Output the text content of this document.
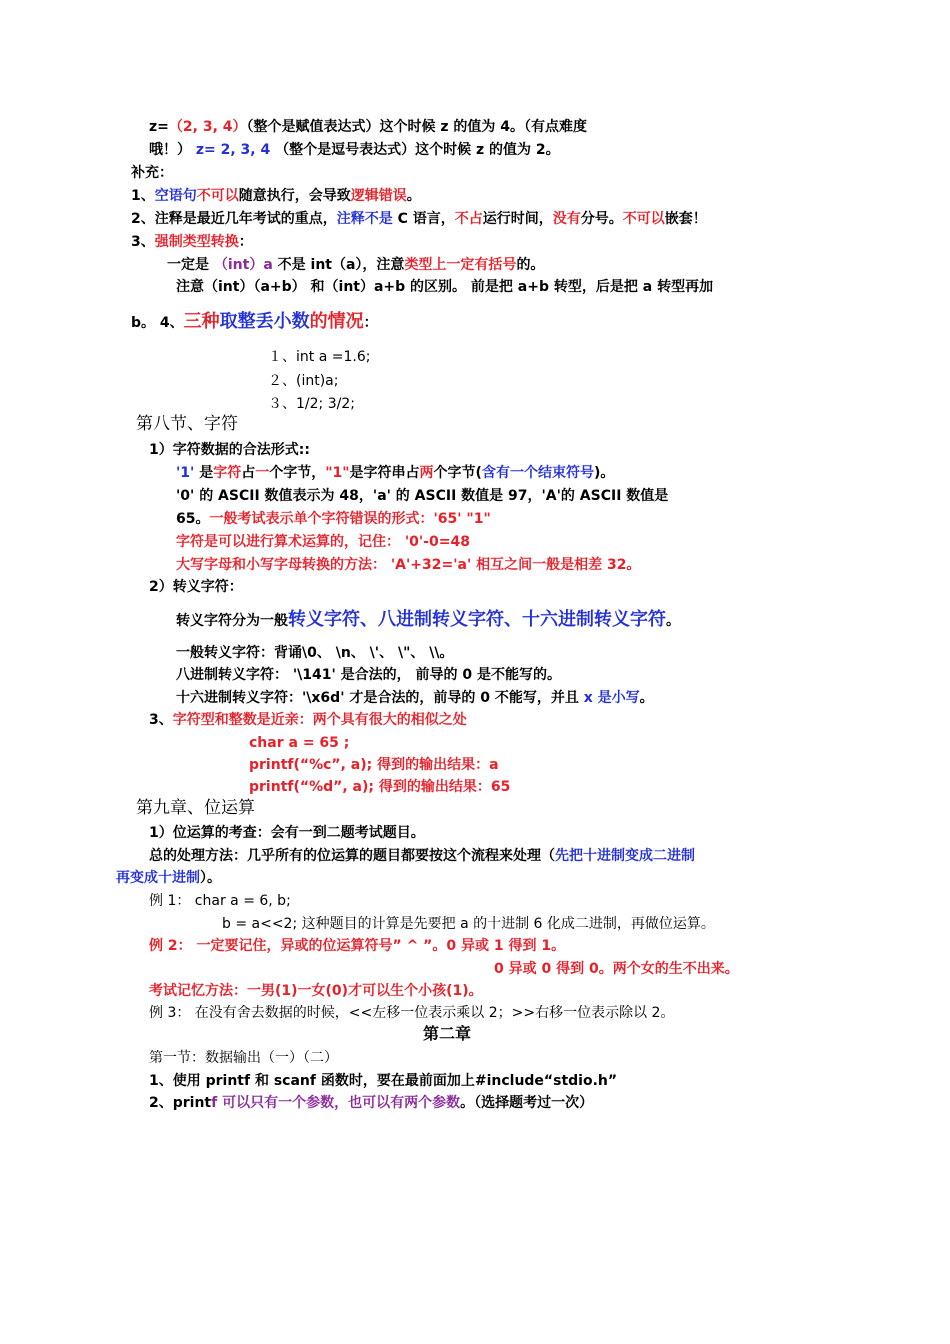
z=（2, 3, 4）（整个是赋值表达式）这个时候 z 的值为 4。（有点难度
哦！） z= 2, 3, 4 （整个是逗号表达式）这个时候 z 的值为 2。
补充：
1、空语句不可以随意执行，会导致逻辑错误。
2、注释是最近几年考试的重点，注释不是 C 语言，不占运行时间，没有分号。不可以嵌套！
3、强制类型转换：
一定是 （int）a 不是 int（a），注意类型上一定有括号的。
注意（int）（a+b） 和（int）a+b 的区别。 前是把 a+b 转型，后是把 a 转型再加
b。 4、三种取整丢小数的情况：
１、int a =1.6;
２、(int)a;
３、1/2; 3/2;
第八节、字符
1）字符数据的合法形式::
'1' 是字符占一个字节，"1"是字符串占两个字节(含有一个结束符号)。
'0' 的 ASCII 数值表示为 48，'a' 的 ASCII 数值是 97，'A'的 ASCII 数值是
65。一般考试表示单个字符错误的形式：'65' "1"
字符是可以进行算术运算的，记住： '0'-0=48
大写字母和小写字母转换的方法： 'A'+32='a' 相互之间一般是相差 32。
2）转义字符：
转义字符分为一般转义字符、八进制转义字符、十六进制转义字符。
一般转义字符：背诵\0、 \n、 \'、 \"、 \\。
八进制转义字符： '\141' 是合法的， 前导的 0 是不能写的。
十六进制转义字符：'\x6d' 才是合法的，前导的 0 不能写，并且 x 是小写。
3、字符型和整数是近亲：两个具有很大的相似之处
char a = 65 ;
printf(“%c”, a); 得到的输出结果：a
printf(“%d”, a); 得到的输出结果：65
第九章、位运算
1）位运算的考查：会有一到二题考试题目。
总的处理方法：几乎所有的位运算的题目都要按这个流程来处理（先把十进制变成二进制
再变成十进制）。
例 1： char a = 6, b;
b = a<<2; 这种题目的计算是先要把 a 的十进制 6 化成二进制，再做位运算。
例 2： 一定要记住，异或的位运算符号” ^ ”。0 异或 1 得到 1。
0 异或 0 得到 0。两个女的生不出来。
考试记忆方法：一男(1)一女(0)才可以生个小孩(1)。
例 3： 在没有舍去数据的时候，<<左移一位表示乘以 2；>>右移一位表示除以 2。
第二章
第一节：数据输出（一）（二）
1、使用 printf 和 scanf 函数时，要在最前面加上#include“stdio.h”
2、printf 可以只有一个参数，也可以有两个参数。（选择题考过一次）
